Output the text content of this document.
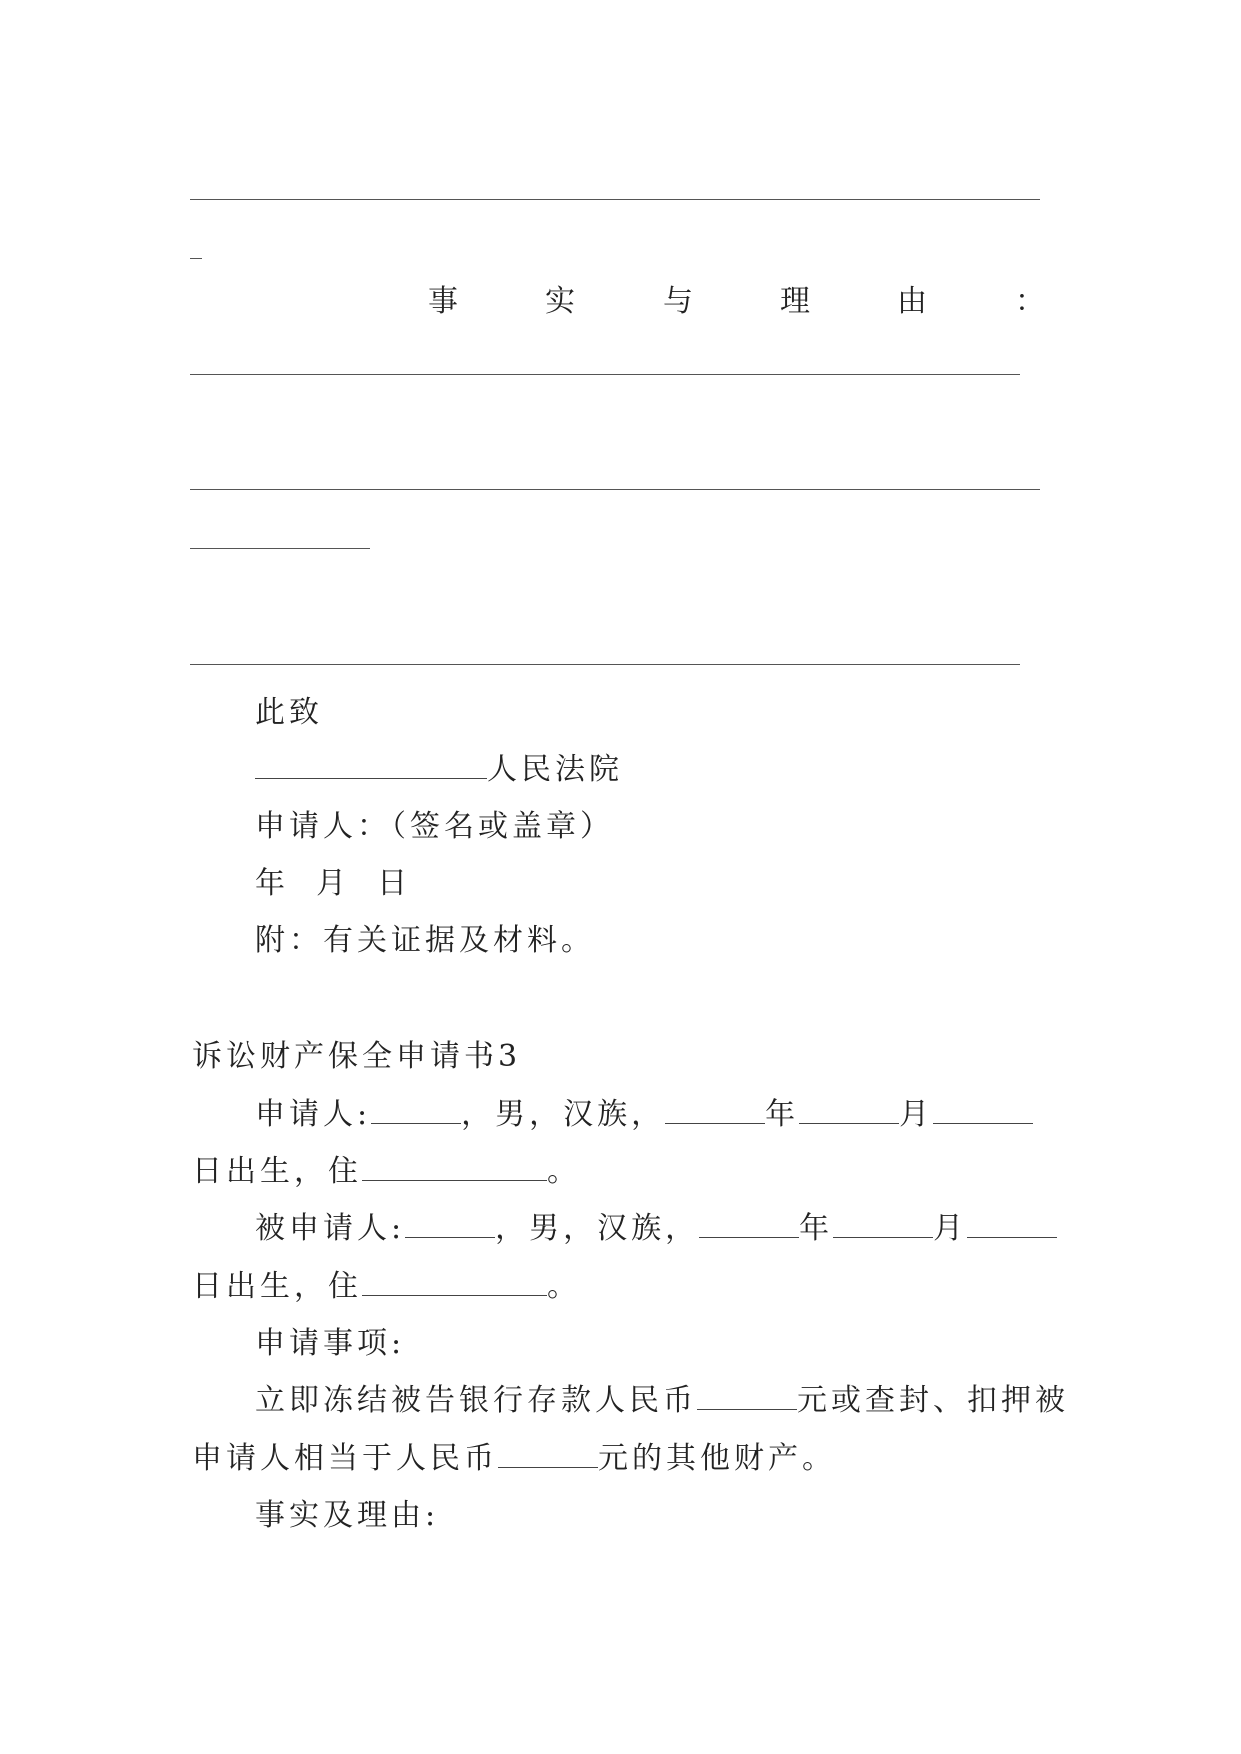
事	实	与	理	由	：
此致
人民法院
申请人：（签名或盖章）
年  月  日
附：有关证据及材料。
诉讼财产保全申请书3
申请人:	，男，汉族，	年	月
日出生，住	。
被申请人:	，男，汉族，	年	月
日出生，住	。
申请事项:
立即冻结被告银行存款人民币	元或查封、扣押被
申请人相当于人民币	元的其他财产。
事实及理由:
